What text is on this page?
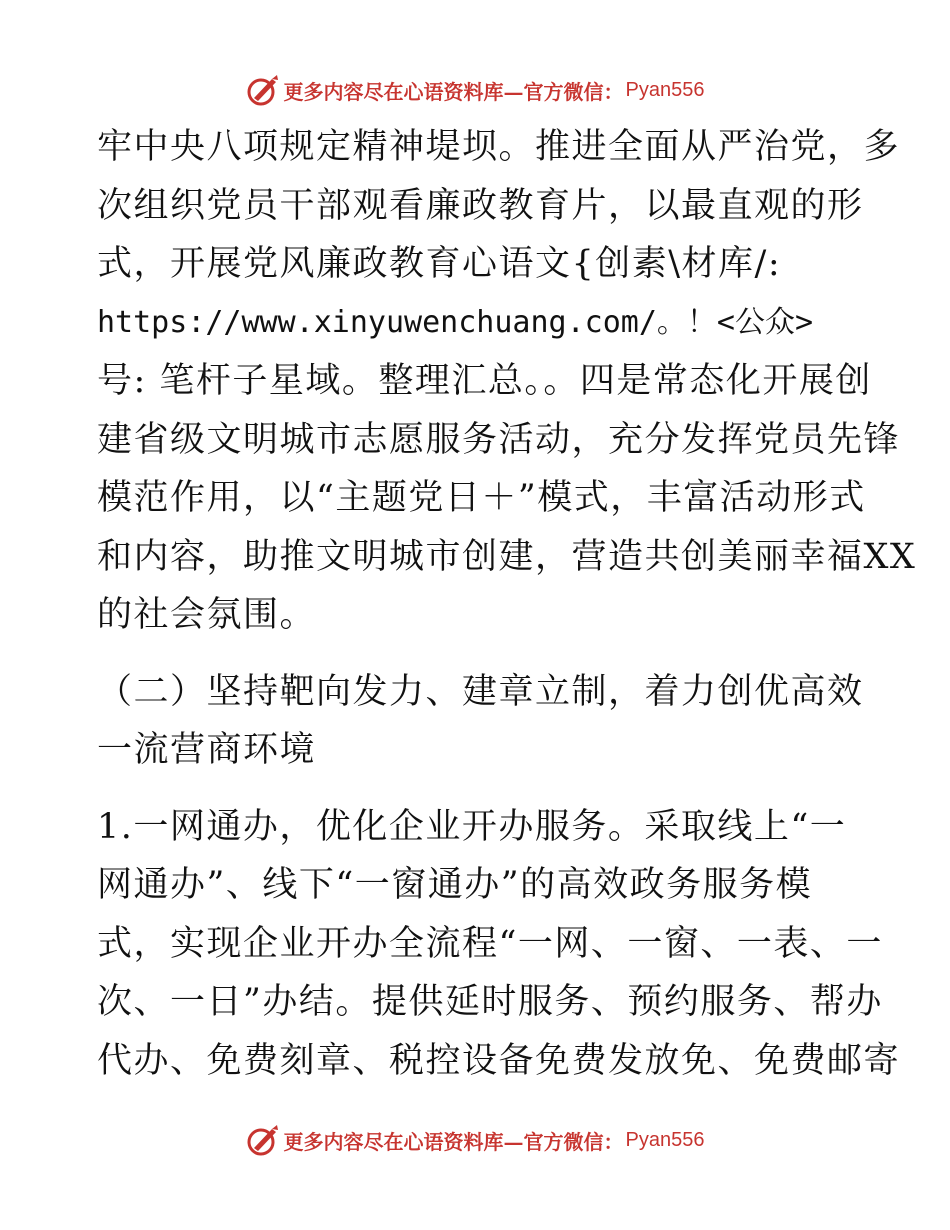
更多内容尽在心语资料库—官方微信： Pyan556
牢中央八项规定精神堤坝。推进全面从严治党，多
次组织党员干部观看廉政教育片，以最直观的形
式，开展党风廉政教育心语文{创素\材库/:
https://www.xinyuwenchuang.com/。！<公众>
号: 笔杆子星域。整理汇总。。四是常态化开展创
建省级文明城市志愿服务活动，充分发挥党员先锋
模范作用，以“主题党日＋”模式，丰富活动形式
和内容，助推文明城市创建，营造共创美丽幸福XX
的社会氛围。
（二）坚持靶向发力、建章立制，着力创优高效
一流营商环境
1.一网通办，优化企业开办服务。采取线上“一
网通办”、线下“一窗通办”的高效政务服务模
式，实现企业开办全流程“一网、一窗、一表、一
次、一日”办结。提供延时服务、预约服务、帮办
代办、免费刻章、税控设备免费发放免、免费邮寄
更多内容尽在心语资料库—官方微信： Pyan556
